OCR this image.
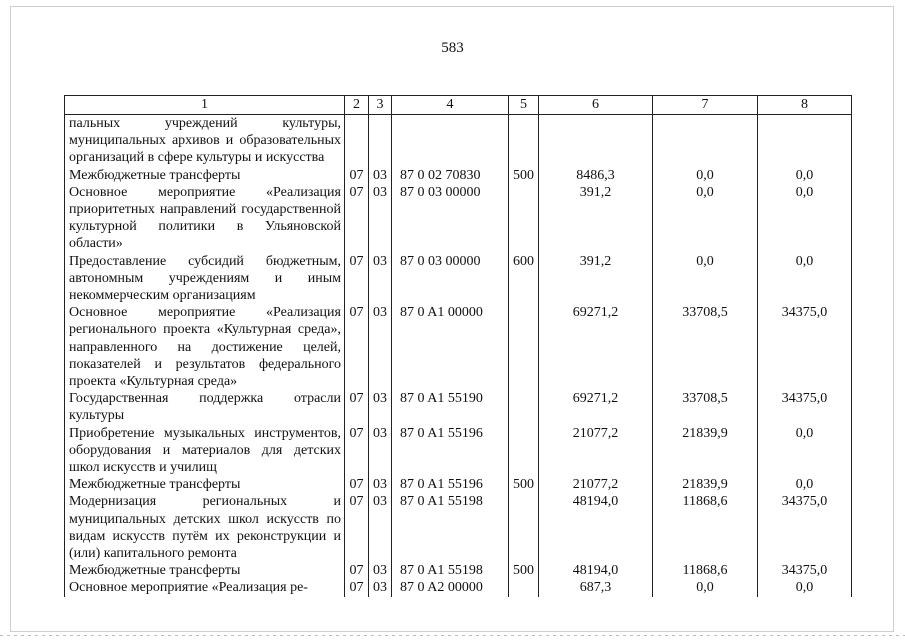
583
1	2	3	4	5	6	7	8
пальных учреждений культуры, муниципальных архивов и образовательных организаций в сфере культуры и искусства							
Межбюджетные трансферты	07	03	87 0 02 70830	500	8486,3	0,0	0,0
Основное мероприятие «Реализация приоритетных направлений государственной культурной политики в Ульяновской области»	07	03	87 0 03 00000		391,2	0,0	0,0
Предоставление субсидий бюджетным, автономным учреждениям и иным некоммерческим организациям	07	03	87 0 03 00000	600	391,2	0,0	0,0
Основное мероприятие «Реализация регионального проекта «Культурная среда», направленного на достижение целей, показателей и результатов федерального проекта «Культурная среда»	07	03	87 0 A1 00000		69271,2	33708,5	34375,0
Государственная поддержка отрасли культуры	07	03	87 0 A1 55190		69271,2	33708,5	34375,0
Приобретение музыкальных инструментов, оборудования и материалов для детских школ искусств и училищ	07	03	87 0 A1 55196		21077,2	21839,9	0,0
Межбюджетные трансферты	07	03	87 0 A1 55196	500	21077,2	21839,9	0,0
Модернизация региональных и муниципальных детских школ искусств по видам искусств путём их реконструкции и (или) капитального ремонта	07	03	87 0 A1 55198		48194,0	11868,6	34375,0
Межбюджетные трансферты	07	03	87 0 A1 55198	500	48194,0	11868,6	34375,0
Основное мероприятие «Реализация ре-	07	03	87 0 A2 00000		687,3	0,0	0,0
